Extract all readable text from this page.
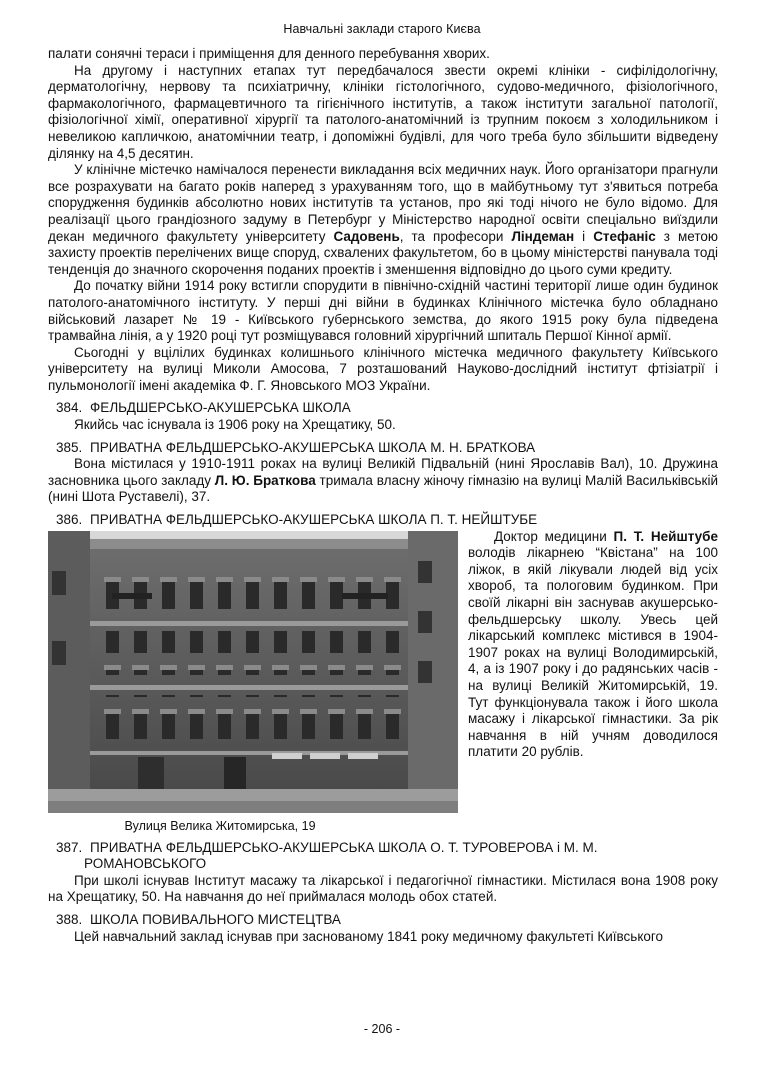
Навчальні заклади старого Києва

палати сонячні тераси і приміщення для денного перебування хворих.

На другому і наступних етапах тут передбачалося звести окремі клініки - сифілідологічну, дерматологічну, нервову та психіатричну, клініки гістологічного, судово-медичного, фізіологічного, фармакологічного, фармацевтичного та гігієнічного інститутів, а також інститути загальної патології, фізіологічної хімії, оперативної хірургії та патолого-анатомічний із трупним покоєм з холодильником і невеликою капличкою, анатомічнии театр, і допоміжні будівлі, для чого треба було збільшити відведену ділянку на 4,5 десятин.

У клінічне містечко намічалося перенести викладання всіх медичних наук. Його організатори прагнули все розрахувати на багато років наперед з урахуванням того, що в майбутньому тут з'явиться потреба спорудження будинків абсолютно нових інститутів та установ, про які тоді нічого не було відомо. Для реалізації цього грандіозного задуму в Петербург у Міністерство народної освіти спеціально виїздили декан медичного факультету університету Садовень, та професори Ліндеман і Стефаніс з метою захисту проектів перелічених вище споруд, схвалених факультетом, бо в цьому міністерстві панувала тоді тенденція до значного скорочення поданих проектів і зменшення відповідно до цього суми кредиту.

До початку війни 1914 року встигли спорудити в північно-східній частині території лише один будинок патолого-анатомічного інституту. У перші дні війни в будинках Клінічного містечка було обладнано військовий лазарет № 19 - Київського губернського земства, до якого 1915 року була підведена трамвайна лінія, а у 1920 році тут розміщувався головний хірургічний шпиталь Першої Кінної армії.

Сьогодні у вцілілих будинках колишнього клінічного містечка медичного факультету Київського університету на вулиці Миколи Амосова, 7 розташований Науково-дослідний інститут фтізіатрії і пульмонології імені академіка Ф. Г. Яновського МОЗ України.

384. ФЕЛЬДШЕРСЬКО-АКУШЕРСЬКА ШКОЛА

Якийсь час існувала із 1906 року на Хрещатику, 50.

385. ПРИВАТНА ФЕЛЬДШЕРСЬКО-АКУШЕРСЬКА ШКОЛА М. Н. БРАТКОВА

Вона містилася у 1910-1911 роках на вулиці Великій Підвальній (нині Ярославів Вал), 10. Дружина засновника цього закладу Л. Ю. Браткова тримала власну жіночу гімназію на вулиці Малій Васильківській (нині Шота Руставелі), 37.

386. ПРИВАТНА ФЕЛЬДШЕРСЬКО-АКУШЕРСЬКА ШКОЛА П. Т. НЕЙШТУБЕ
Вулиця Велика Житомирська, 19

Доктор медицини П. Т. Нейштубе володів лікарнею “Квістана” на 100 ліжок, в якій лікували людей від усіх хвороб, та пологовим будинком. При своїй лікарні він заснував акушерсько-фельдшерську школу. Увесь цей лікарський комплекс містився в 1904-1907 роках на вулиці Володимирській, 4, а із 1907 року і до радянських часів - на вулиці Великій Житомирській, 19. Тут функціонувала також і його школа масажу і лікарської гімнастики. За рік навчання в ній учням доводилося платити 20 рублів.

387. ПРИВАТНА ФЕЛЬДШЕРСЬКО-АКУШЕРСЬКА ШКОЛА О. Т. ТУРОВЕРОВА і М. М. РОМАНОВСЬКОГО

При школі існував Інститут масажу та лікарської і педагогічної гімнастики. Містилася вона 1908 року на Хрещатику, 50. На навчання до неї приймалася молодь обох статей.

388. ШКОЛА ПОВИВАЛЬНОГО МИСТЕЦТВА

Цей навчальний заклад існував при заснованому 1841 року медичному факультеті Київського

- 206 -
